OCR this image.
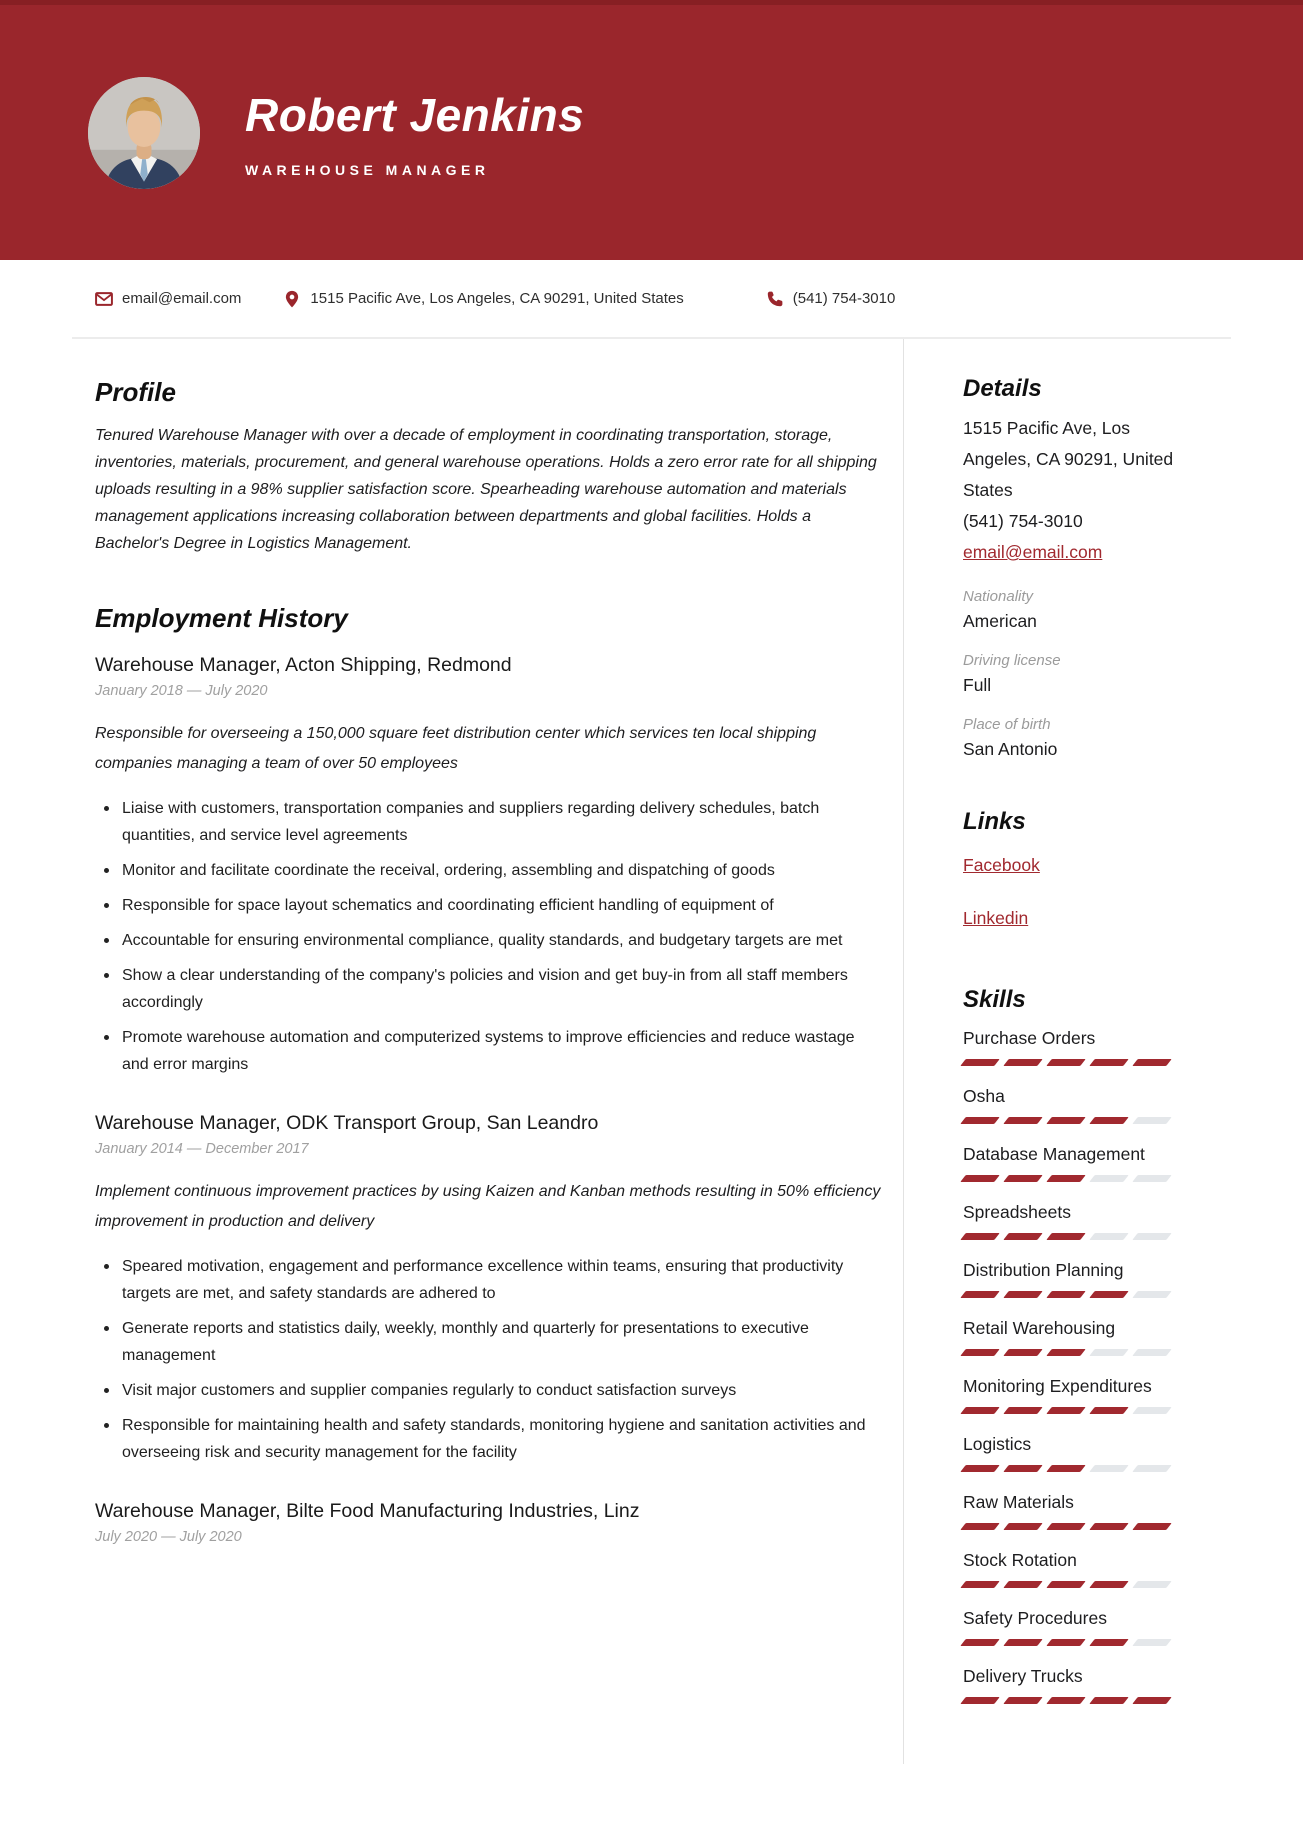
Robert Jenkins
WAREHOUSE MANAGER
email@email.com	1515 Pacific Ave, Los Angeles, CA 90291, United States	(541) 754-3010
Profile

Tenured Warehouse Manager with over a decade of employment in coordinating transportation, storage, inventories, materials, procurement, and general warehouse operations. Holds a zero error rate for all shipping uploads resulting in a 98% supplier satisfaction score. Spearheading warehouse automation and materials management applications increasing collaboration between departments and global facilities. Holds a Bachelor's Degree in Logistics Management.

Employment History
Warehouse Manager, Acton Shipping, Redmond
January 2018 — July 2020

Responsible for overseeing a 150,000 square feet distribution center which services ten local shipping companies managing a team of over 50 employees

Liaise with customers, transportation companies and suppliers regarding delivery schedules, batch quantities, and service level agreements
Monitor and facilitate coordinate the receival, ordering, assembling and dispatching of goods
Responsible for space layout schematics and coordinating efficient handling of equipment of
Accountable for ensuring environmental compliance, quality standards, and budgetary targets are met
Show a clear understanding of the company's policies and vision and get buy-in from all staff members accordingly
Promote warehouse automation and computerized systems to improve efficiencies and reduce wastage and error margins
Warehouse Manager, ODK Transport Group, San Leandro
January 2014 — December 2017

Implement continuous improvement practices by using Kaizen and Kanban methods resulting in 50% efficiency improvement in production and delivery

Speared motivation, engagement and performance excellence within teams, ensuring that productivity targets are met, and safety standards are adhered to
Generate reports and statistics daily, weekly, monthly and quarterly for presentations to executive management
Visit major customers and supplier companies regularly to conduct satisfaction surveys
Responsible for maintaining health and safety standards, monitoring hygiene and sanitation activities and overseeing risk and security management for the facility
Warehouse Manager, Bilte Food Manufacturing Industries, Linz
July 2020 — July 2020
Details

1515 Pacific Ave, Los Angeles, CA 90291, United States

(541) 754-3010
email@email.com
Nationality
American
Driving license
Full
Place of birth
San Antonio
Links
Facebook
Linkedin
Skills
Purchase Orders
Osha
Database Management
Spreadsheets
Distribution Planning
Retail Warehousing
Monitoring Expenditures
Logistics
Raw Materials
Stock Rotation
Safety Procedures
Delivery Trucks
